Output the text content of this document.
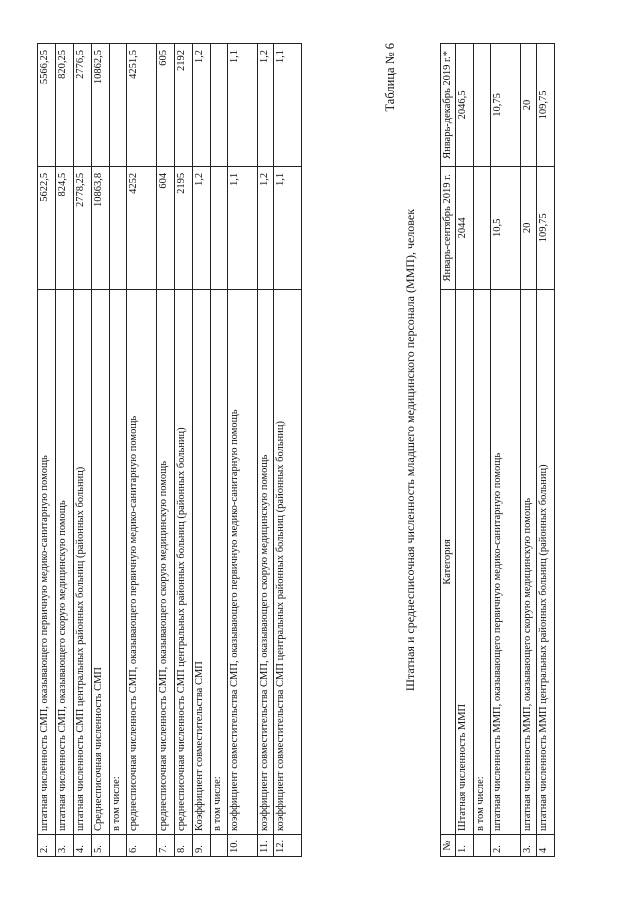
2.	штатная численность СМП, оказывающего первичную медико-санитарную помощь	5622,5	5566,25
3.	штатная численность СМП, оказывающего скорую медицинскую помощь	824,5	820,25
4.	штатная численность СМП центральных районных больниц (районных больниц)	2778,25	2776,5
5.	Среднесписочная численность СМП	10863,8	10862,5
	в том числе:		
6.	среднесписочная численность СМП, оказывающего первичную медико-санитарную помощь	4252	4251,5
7.	среднесписочная численность СМП, оказывающего скорую медицинскую помощь	604	605
8.	среднесписочная численность СМП центральных районных больниц (районных больниц)	2195	2192
9.	Коэффициент совместительства СМП	1,2	1,2
	в том числе:		
10.	коэффициент совместительства СМП, оказывающего первичную медико-санитарную помощь	1,1	1,1
11.	коэффициент совместительства СМП, оказывающего скорую медицинскую помощь	1,2	1,2
12.	коэффициент совместительства СМП центральных районных больниц (районных больниц)	1,1	1,1	Таблица № 6
Штатная и среднесписочная численность младшего медицинского персонала (ММП), человек
№	Категория	Январь-сентябрь 2019 г.	Январь-декабрь 2019 г.*
1.	Штатная численность ММП	2044	2046,5
	в том числе:		
2.	штатная численность ММП, оказывающего первичную медико-санитарную помощь	10,5	10,75
3.	штатная численность ММП, оказывающего скорую медицинскую помощь	20	20
4	штатная численность ММП центральных районных больниц (районных больниц)	109,75	109,75
